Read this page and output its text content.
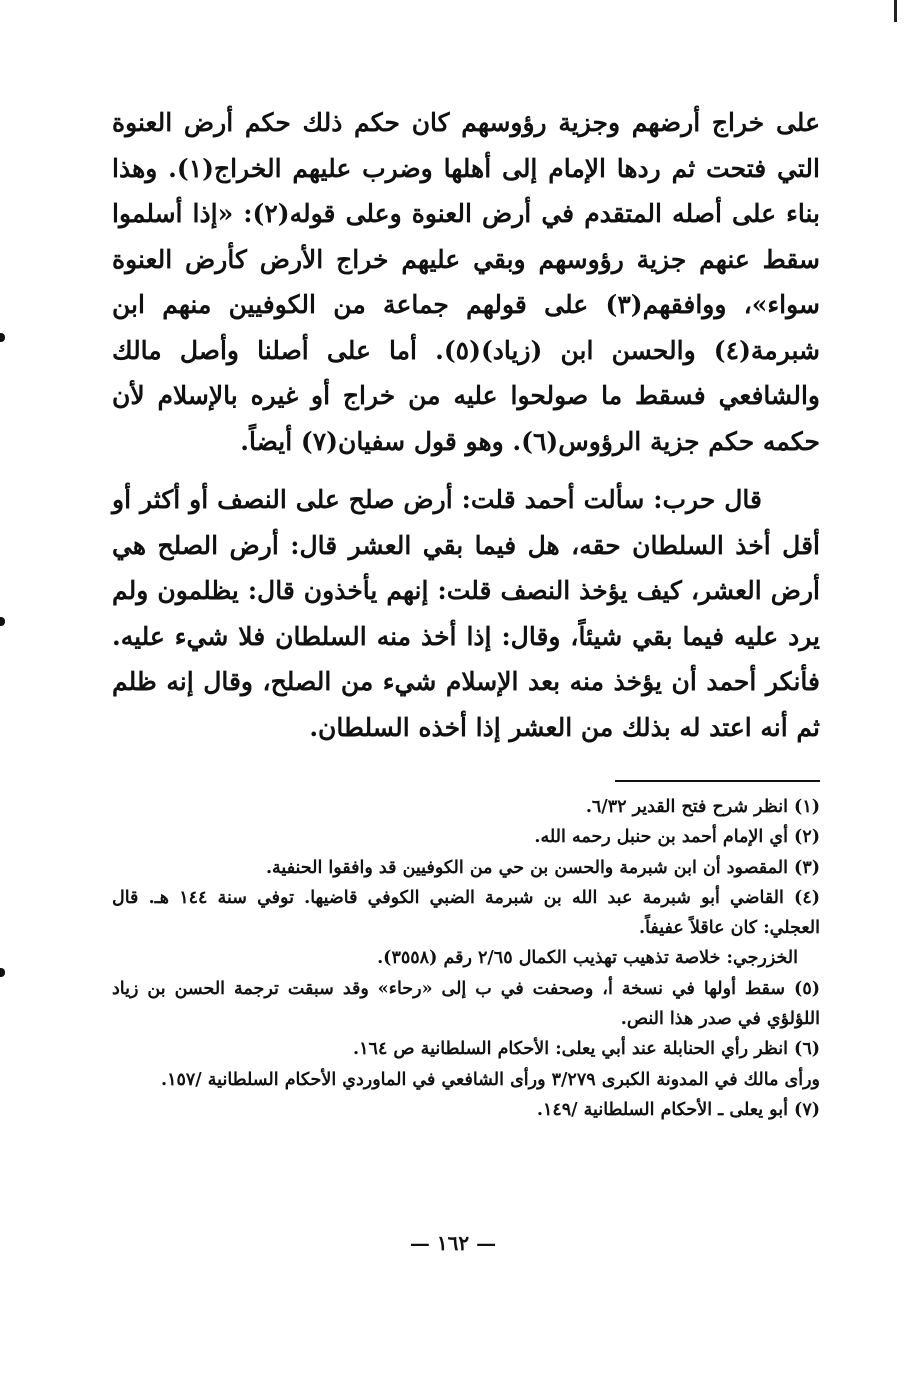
على خراج أرضهم وجزية رؤوسهم كان حكم ذلك حكم أرض العنوة التي فتحت ثم ردها الإمام إلى أهلها وضرب عليهم الخراج(١). وهذا بناء على أصله المتقدم في أرض العنوة وعلى قوله(٢): «إذا أسلموا سقط عنهم جزية رؤوسهم وبقي عليهم خراج الأرض كأرض العنوة سواء»، ووافقهم(٣) على قولهم جماعة من الكوفيين منهم ابن شبرمة(٤) والحسن ابن (زياد)(٥). أما على أصلنا وأصل مالك والشافعي فسقط ما صولحوا عليه من خراج أو غيره بالإسلام لأن حكمه حكم جزية الرؤوس(٦). وهو قول سفيان(٧) أيضاً.

قال حرب: سألت أحمد قلت: أرض صلح على النصف أو أكثر أو أقل أخذ السلطان حقه، هل فيما بقي العشر قال: أرض الصلح هي أرض العشر، كيف يؤخذ النصف قلت: إنهم يأخذون قال: يظلمون ولم يرد عليه فيما بقي شيئاً، وقال: إذا أخذ منه السلطان فلا شيء عليه. فأنكر أحمد أن يؤخذ منه بعد الإسلام شيء من الصلح، وقال إنه ظلم ثم أنه اعتد له بذلك من العشر إذا أخذه السلطان.

(١) انظر شرح فتح القدير ٦/٣٢.

(٢) أي الإمام أحمد بن حنبل رحمه الله.

(٣) المقصود أن ابن شبرمة والحسن بن حي من الكوفيين قد وافقوا الحنفية.

(٤) القاضي أبو شبرمة عبد الله بن شبرمة الضبي الكوفي قاضيها. توفي سنة ١٤٤ هـ. قال العجلي: كان عاقلاً عفيفاً.

الخزرجي: خلاصة تذهيب تهذيب الكمال ٢/٦٥ رقم (٣٥٥٨).

(٥) سقط أولها في نسخة أ، وصحفت في ب إلى «رحاء» وقد سبقت ترجمة الحسن بن زياد اللؤلؤي في صدر هذا النص.

(٦) انظر رأي الحنابلة عند أبي يعلى: الأحكام السلطانية ص ١٦٤.

ورأى مالك في المدونة الكبرى ٣/٢٧٩ ورأى الشافعي في الماوردي الأحكام السلطانية /١٥٧.

(٧) أبو يعلى ـ الأحكام السلطانية /١٤٩.

— ١٦٢ —
